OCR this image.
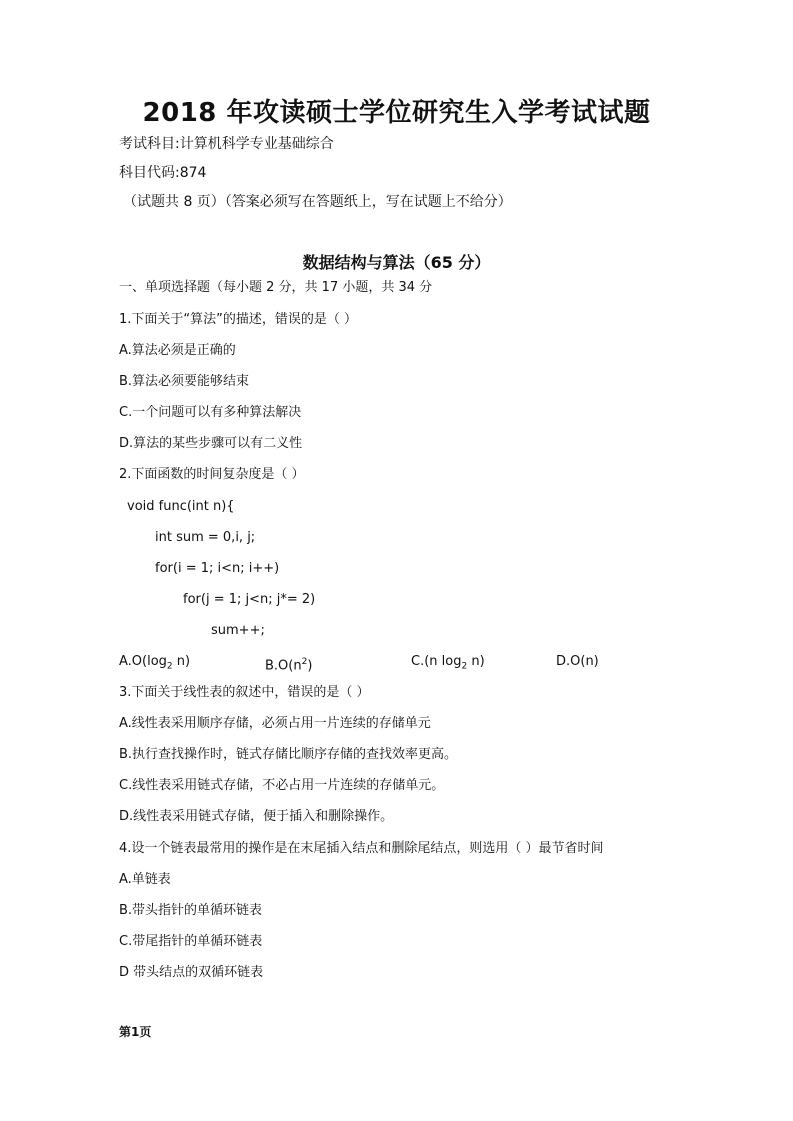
2018 年攻读硕士学位研究生入学考试试题
考试科目:计算机科学专业基础综合
科目代码:874
（试题共 8 页）（答案必须写在答题纸上，写在试题上不给分）
数据结构与算法（65 分）
一、单项选择题（每小题 2 分，共 17 小题，共 34 分
1.下面关于“算法”的描述，错误的是（ ）
A.算法必须是正确的
B.算法必须要能够结束
C.一个问题可以有多种算法解决
D.算法的某些步骤可以有二义性
2.下面函数的时间复杂度是（ ）
void func(int n){
int sum = 0,i, j;
for(i = 1; i<n; i++)
for(j = 1; j<n; j*= 2)
sum++;
$A.O(\log_2$ n)	$B.O(n^2)$	C.(n $\log_2 n$)	D.O(n)
3.下面关于线性表的叙述中，错误的是（ ）
A.线性表采用顺序存储，必须占用一片连续的存储单元
B.执行查找操作时，链式存储比顺序存储的查找效率更高。
C.线性表采用链式存储，不必占用一片连续的存储单元。
D.线性表采用链式存储，便于插入和删除操作。
4.设一个链表最常用的操作是在末尾插入结点和删除尾结点，则选用（ ）最节省时间
A.单链表
B.带头指针的单循环链表
C.带尾指针的单循环链表
D 带头结点的双循环链表
第1页
